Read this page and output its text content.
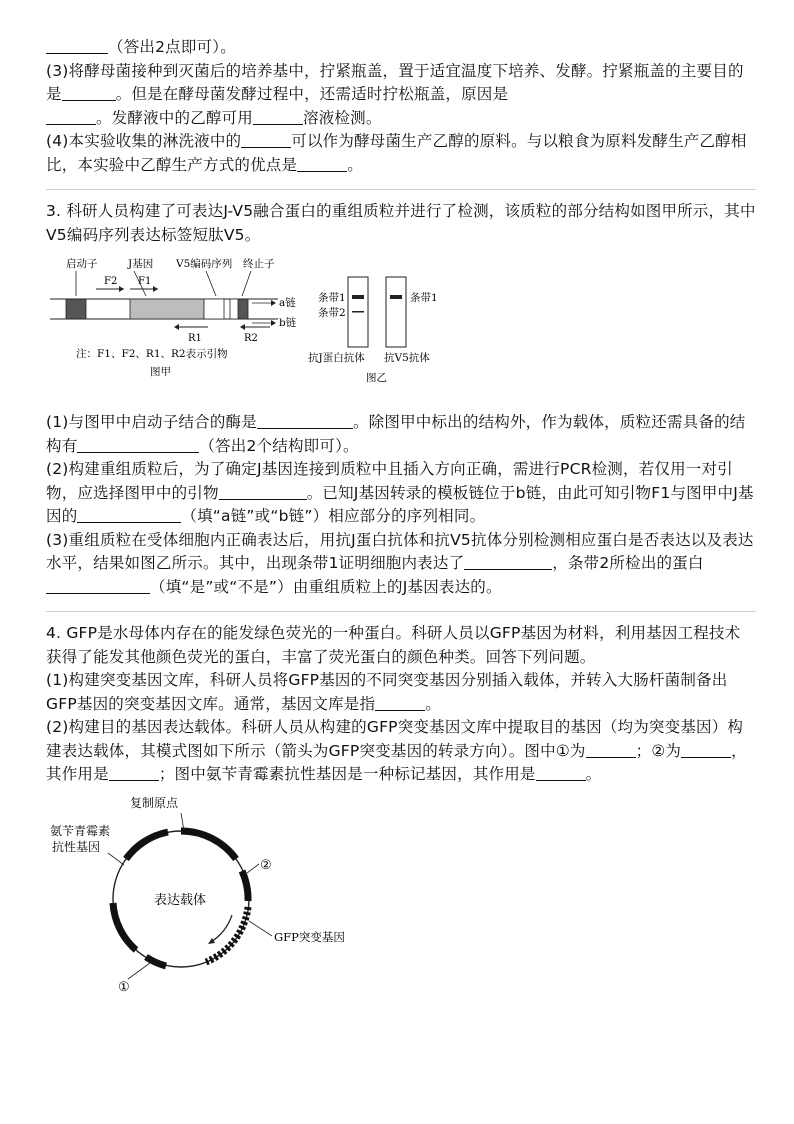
（答出2点即可）。

(3)将酵母菌接种到灭菌后的培养基中，拧紧瓶盖，置于适宜温度下培养、发酵。拧紧瓶盖的主要目的是	。但是在酵母菌发酵过程中，还需适时拧松瓶盖，原因是
。发酵液中的乙醇可用	溶液检测。

(4)本实验收集的淋洗液中的	可以作为酵母菌生产乙醇的原料。与以粮食为原料发酵生产乙醇相比，本实验中乙醇生产方式的优点是	。

3. 科研人员构建了可表达J-V5融合蛋白的重组质粒并进行了检测，该质粒的部分结构如图甲所示，其中V5编码序列表达标签短肽V5。

启动子	J基因 V5编码序列 终止子
F2 F1
a链
b链
R1	R2
注：F1、F2、R1、R2表示引物
图甲
条带1
条带2
条带1
抗J蛋白抗体 抗V5抗体
图乙

(1)与图甲中启动子结合的酶是	。除图甲中标出的结构外，作为载体，质粒还需具备的结构有	（答出2个结构即可）。

(2)构建重组质粒后，为了确定J基因连接到质粒中且插入方向正确，需进行PCR检测，若仅用一对引物，应选择图甲中的引物	。已知J基因转录的模板链位于b链，由此可知引物F1与图甲中J基因的	（填“a链”或“b链”）相应部分的序列相同。

(3)重组质粒在受体细胞内正确表达后，用抗J蛋白抗体和抗V5抗体分别检测相应蛋白是否表达以及表达水平，结果如图乙所示。其中，出现条带1证明细胞内表达了	，条带2所检出的蛋白（填“是”或“不是”）由重组质粒上的J基因表达的。

4. GFP是水母体内存在的能发绿色荧光的一种蛋白。科研人员以GFP基因为材料，利用基因工程技术获得了能发其他颜色荧光的蛋白，丰富了荧光蛋白的颜色种类。回答下列问题。

(1)构建突变基因文库，科研人员将GFP基因的不同突变基因分别插入载体，并转入大肠杆菌制备出GFP基因的突变基因文库。通常，基因文库是指	。

(2)构建目的基因表达载体。科研人员从构建的GFP突变基因文库中提取目的基因（均为突变基因）构建表达载体，其模式图如下所示（箭头为GFP突变基因的转录方向）。图中①为	；②为	，其作用是	；图中氨苄青霉素抗性基因是一种标记基因，其作用是	。

复制原点
氨苄青霉素
抗性基因
表达载体
②
GFP突变基因
①
